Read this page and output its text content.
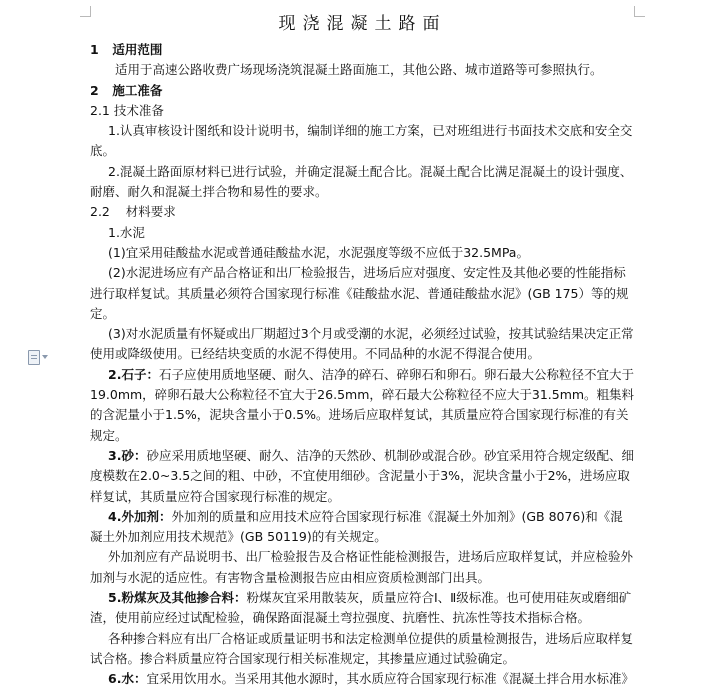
现浇混凝土路面
1 适用范围
适用于高速公路收费广场现场浇筑混凝土路面施工，其他公路、城市道路等可参照执行。
2 施工准备
2.1 技术准备
1.认真审核设计图纸和设计说明书，编制详细的施工方案，已对班组进行书面技术交底和安全交底。
2.混凝土路面原材料已进行试验，并确定混凝土配合比。混凝土配合比满足混凝土的设计强度、耐磨、耐久和混凝土拌合物和易性的要求。
2.2    材料要求
1.水泥
(1)宜采用硅酸盐水泥或普通硅酸盐水泥，水泥强度等级不应低于32.5MPa。
(2)水泥进场应有产品合格证和出厂检验报告，进场后应对强度、安定性及其他必要的性能指标进行取样复试。其质量必须符合国家现行标准《硅酸盐水泥、普通硅酸盐水泥》(GB 175）等的规定。
(3)对水泥质量有怀疑或出厂期超过3个月或受潮的水泥，必须经过试验，按其试验结果决定正常使用或降级使用。已经结块变质的水泥不得使用。不同品种的水泥不得混合使用。
2.石子：石子应使用质地坚硬、耐久、洁净的碎石、碎卵石和卵石。卵石最大公称粒径不宜大于19.0mm，碎卵石最大公称粒径不宜大于26.5mm，碎石最大公称粒径不应大于31.5mm。粗集料的含泥量小于1.5%，泥块含量小于0.5%。进场后应取样复试，其质量应符合国家现行标准的有关规定。
3.砂：砂应采用质地坚硬、耐久、洁净的天然砂、机制砂或混合砂。砂宜采用符合规定级配、细度模数在2.0~3.5之间的粗、中砂，不宜使用细砂。含泥量小于3%，泥块含量小于2%，进场应取样复试，其质量应符合国家现行标准的规定。
4.外加剂：外加剂的质量和应用技术应符合国家现行标准《混凝土外加剂》(GB 8076)和《混凝土外加剂应用技术规范》(GB 50119)的有关规定。
外加剂应有产品说明书、出厂检验报告及合格证性能检测报告，进场后应取样复试，并应检验外加剂与水泥的适应性。有害物含量检测报告应由相应资质检测部门出具。
5.粉煤灰及其他掺合料：粉煤灰宜采用散装灰，质量应符合Ⅰ、Ⅱ级标准。也可使用硅灰或磨细矿渣，使用前应经过试配检验，确保路面混凝土弯拉强度、抗磨性、抗冻性等技术指标合格。
各种掺合料应有出厂合格证或质量证明书和法定检测单位提供的质量检测报告，进场后应取样复试合格。掺合料质量应符合国家现行相关标准规定，其掺量应通过试验确定。
6.水：宜采用饮用水。当采用其他水源时，其水质应符合国家现行标准《混凝土拌合用水标准》
